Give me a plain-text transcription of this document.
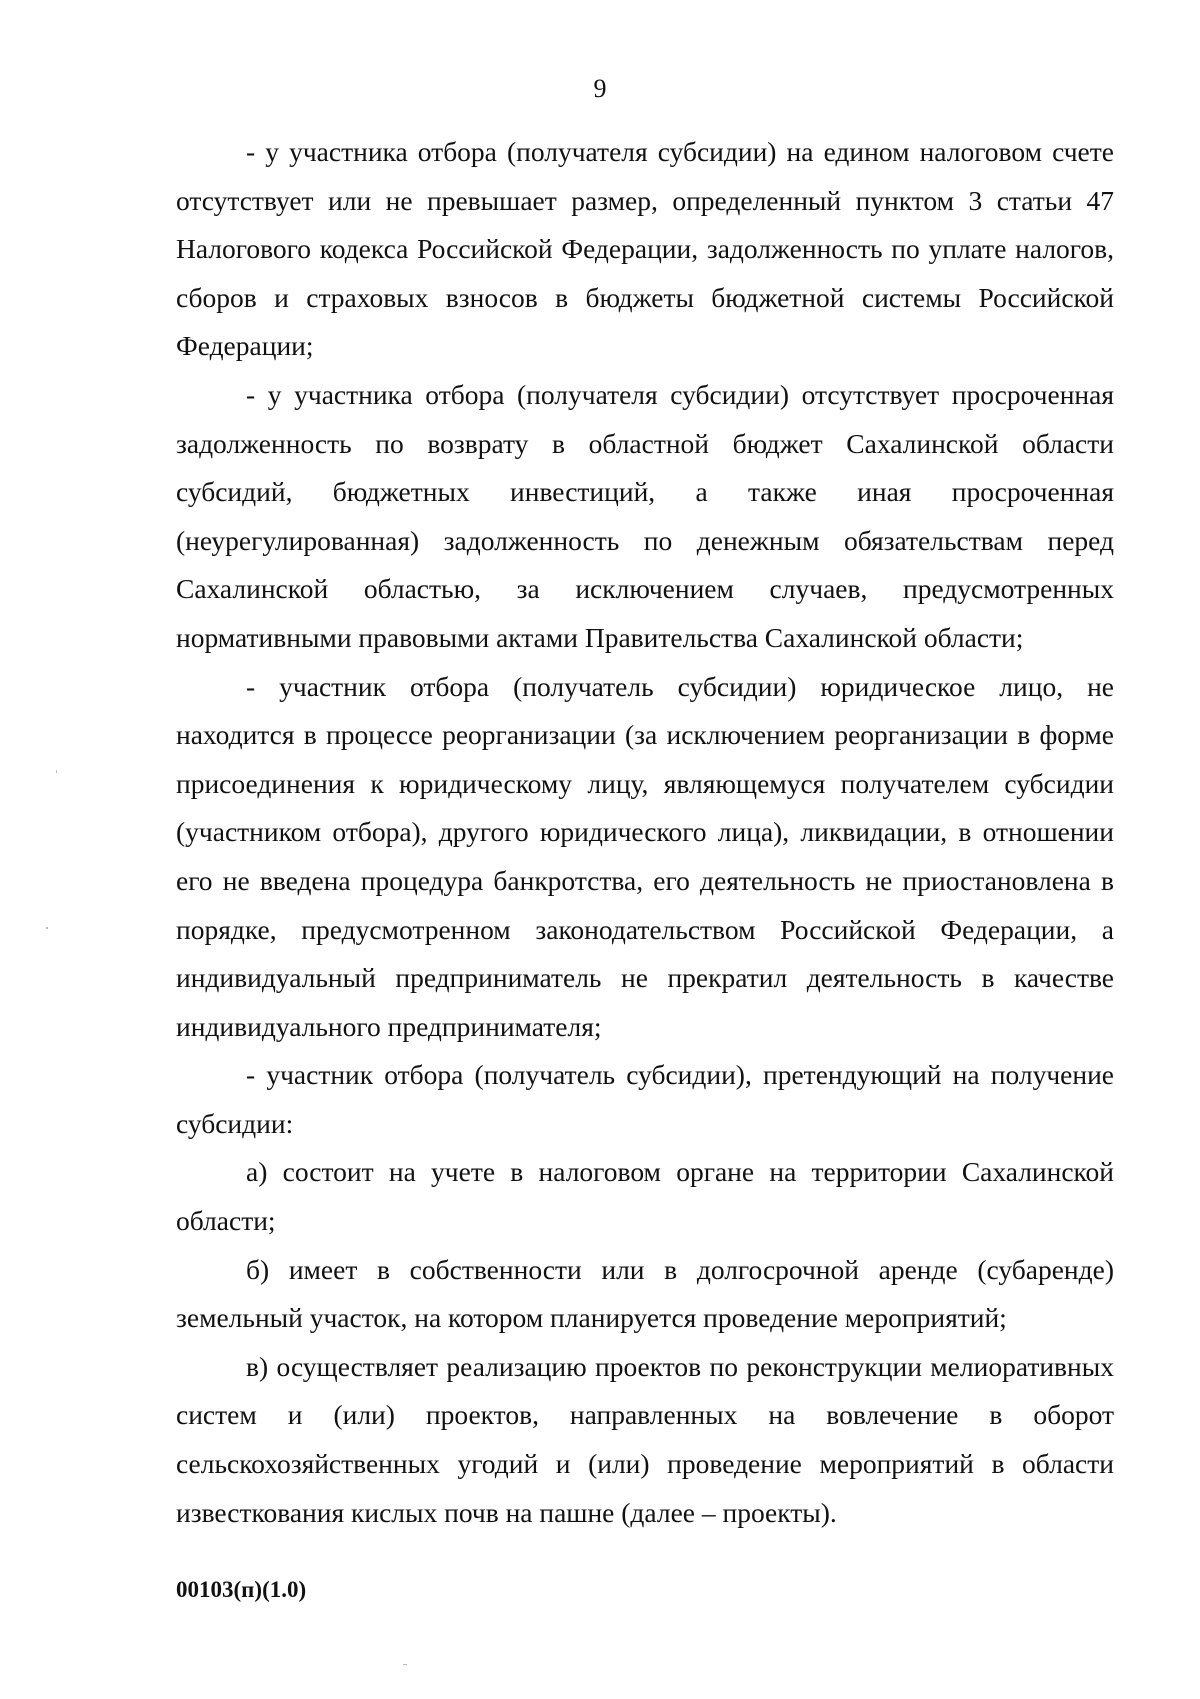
9

- у участника отбора (получателя субсидии) на едином налоговом счете отсутствует или не превышает размер, определенный пунктом 3 статьи 47 Налогового кодекса Российской Федерации, задолженность по уплате налогов, сборов и страховых взносов в бюджеты бюджетной системы Российской Федерации;

- у участника отбора (получателя субсидии) отсутствует просроченная задолженность по возврату в областной бюджет Сахалинской области субсидий, бюджетных инвестиций, а также иная просроченная (неурегулированная) задолженность по денежным обязательствам перед Сахалинской областью, за исключением случаев, предусмотренных нормативными правовыми актами Правительства Сахалинской области;

- участник отбора (получатель субсидии) юридическое лицо, не находится в процессе реорганизации (за исключением реорганизации в форме присоединения к юридическому лицу, являющемуся получателем субсидии (участником отбора), другого юридического лица), ликвидации, в отношении его не введена процедура банкротства, его деятельность не приостановлена в порядке, предусмотренном законодательством Российской Федерации, а индивидуальный предприниматель не прекратил деятельность в качестве индивидуального предпринимателя;

- участник отбора (получатель субсидии), претендующий на получение субсидии:

а) состоит на учете в налоговом органе на территории Сахалинской области;

б) имеет в собственности или в долгосрочной аренде (субаренде) земельный участок, на котором планируется проведение мероприятий;

в) осуществляет реализацию проектов по реконструкции мелиоративных систем и (или) проектов, направленных на вовлечение в оборот сельскохозяйственных угодий и (или) проведение мероприятий в области известкования кислых почв на пашне (далее – проекты).

00103(п)(1.0)
